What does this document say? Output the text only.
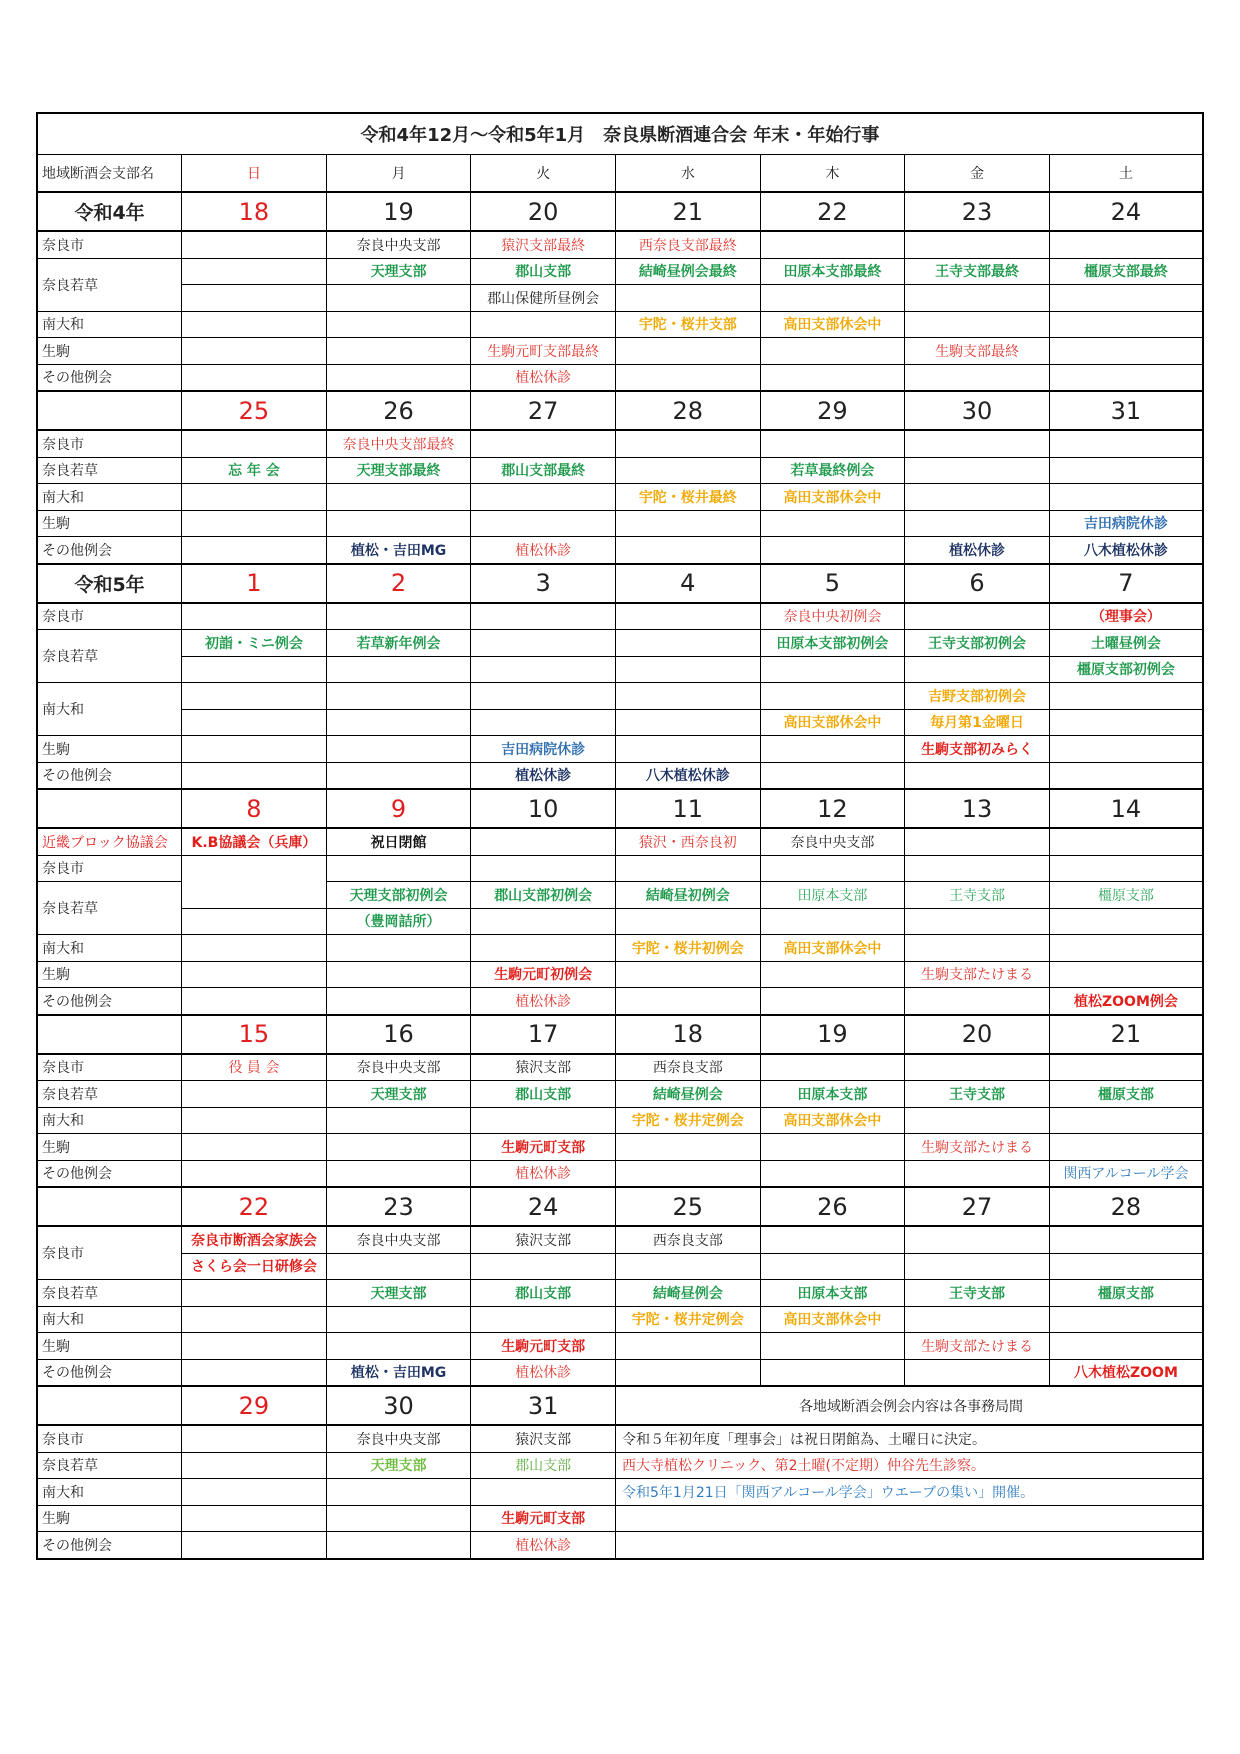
令和4年12月～令和5年1月　奈良県断酒連合会 年末・年始行事							
地域断酒会支部名	日	月	火	水	木	金	土
令和4年	18	19	20	21	22	23	24
奈良市		奈良中央支部	猿沢支部最終	西奈良支部最終			
奈良若草		天理支部	郡山支部	結崎昼例会最終	田原本支部最終	王寺支部最終	橿原支部最終
			郡山保健所昼例会				
南大和				宇陀・桜井支部	高田支部休会中		
生駒			生駒元町支部最終			生駒支部最終	
その他例会			植松休診				
	25	26	27	28	29	30	31
奈良市		奈良中央支部最終					
奈良若草	忘 年 会	天理支部最終	郡山支部最終		若草最終例会		
南大和				宇陀・桜井最終	高田支部休会中		
生駒							吉田病院休診
その他例会		植松・吉田MG	植松休診			植松休診	八木植松休診
令和5年	1	2	3	4	5	6	7
奈良市					奈良中央初例会		（理事会）
奈良若草	初詣・ミニ例会	若草新年例会			田原本支部初例会	王寺支部初例会	土曜昼例会
							橿原支部初例会
南大和						吉野支部初例会	
					高田支部休会中	毎月第1金曜日	
生駒			吉田病院休診			生駒支部初みらく	
その他例会			植松休診	八木植松休診			
	8	9	10	11	12	13	14
近畿ブロック協議会	K.B協議会（兵庫）	祝日閉館		猿沢・西奈良初	奈良中央支部		
奈良市							
奈良若草		天理支部初例会	郡山支部初例会	結崎昼初例会	田原本支部	王寺支部	橿原支部
		（豊岡詰所）					
南大和				宇陀・桜井初例会	高田支部休会中		
生駒			生駒元町初例会			生駒支部たけまる	
その他例会			植松休診				植松ZOOM例会
	15	16	17	18	19	20	21
奈良市	役 員 会	奈良中央支部	猿沢支部	西奈良支部			
奈良若草		天理支部	郡山支部	結崎昼例会	田原本支部	王寺支部	橿原支部
南大和				宇陀・桜井定例会	高田支部休会中		
生駒			生駒元町支部			生駒支部たけまる	
その他例会			植松休診				関西アルコール学会
	22	23	24	25	26	27	28
奈良市	奈良市断酒会家族会	奈良中央支部	猿沢支部	西奈良支部			
	さくら会一日研修会						
奈良若草		天理支部	郡山支部	結崎昼例会	田原本支部	王寺支部	橿原支部
南大和				宇陀・桜井定例会	高田支部休会中		
生駒			生駒元町支部			生駒支部たけまる	
その他例会		植松・吉田MG	植松休診				八木植松ZOOM
	29	30	31	各地域断酒会例会内容は各事務局間			
奈良市		奈良中央支部	猿沢支部	令和５年初年度「理事会」は祝日閉館為、土曜日に決定。			
奈良若草		天理支部	郡山支部	西大寺植松クリニック、第2土曜(不定期）仲谷先生診察。			
南大和				令和5年1月21日「関西アルコール学会」ウエーブの集い」開催。			
生駒			生駒元町支部				
その他例会			植松休診				
